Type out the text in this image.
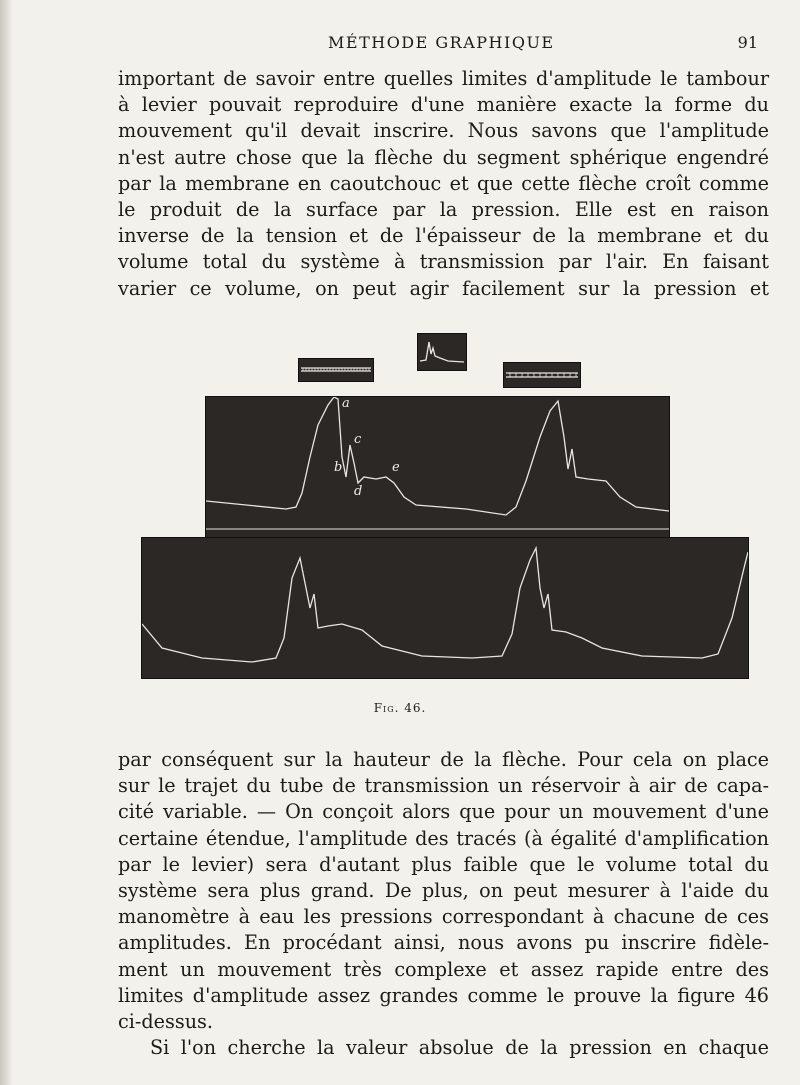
MÉTHODE GRAPHIQUE	91
important de savoir entre quelles limites d'amplitude le tambour
à levier pouvait reproduire d'une manière exacte la forme du
mouvement qu'il devait inscrire. Nous savons que l'amplitude
n'est autre chose que la flèche du segment sphérique engendré
par la membrane en caoutchouc et que cette flèche croît comme
le produit de la surface par la pression. Elle est en raison
inverse de la tension et de l'épaisseur de la membrane et du
volume total du système à transmission par l'air. En faisant
varier ce volume, on peut agir facilement sur la pression et
a
c
b	e
d
Fig. 46.
par conséquent sur la hauteur de la flèche. Pour cela on place
sur le trajet du tube de transmission un réservoir à air de capa-
cité variable. — On conçoit alors que pour un mouvement d'une
certaine étendue, l'amplitude des tracés (à égalité d'amplification
par le levier) sera d'autant plus faible que le volume total du
système sera plus grand. De plus, on peut mesurer à l'aide du
manomètre à eau les pressions correspondant à chacune de ces
amplitudes. En procédant ainsi, nous avons pu inscrire fidèle-
ment un mouvement très complexe et assez rapide entre des
limites d'amplitude assez grandes comme le prouve la figure 46
ci-dessus.
Si l'on cherche la valeur absolue de la pression en chaque
